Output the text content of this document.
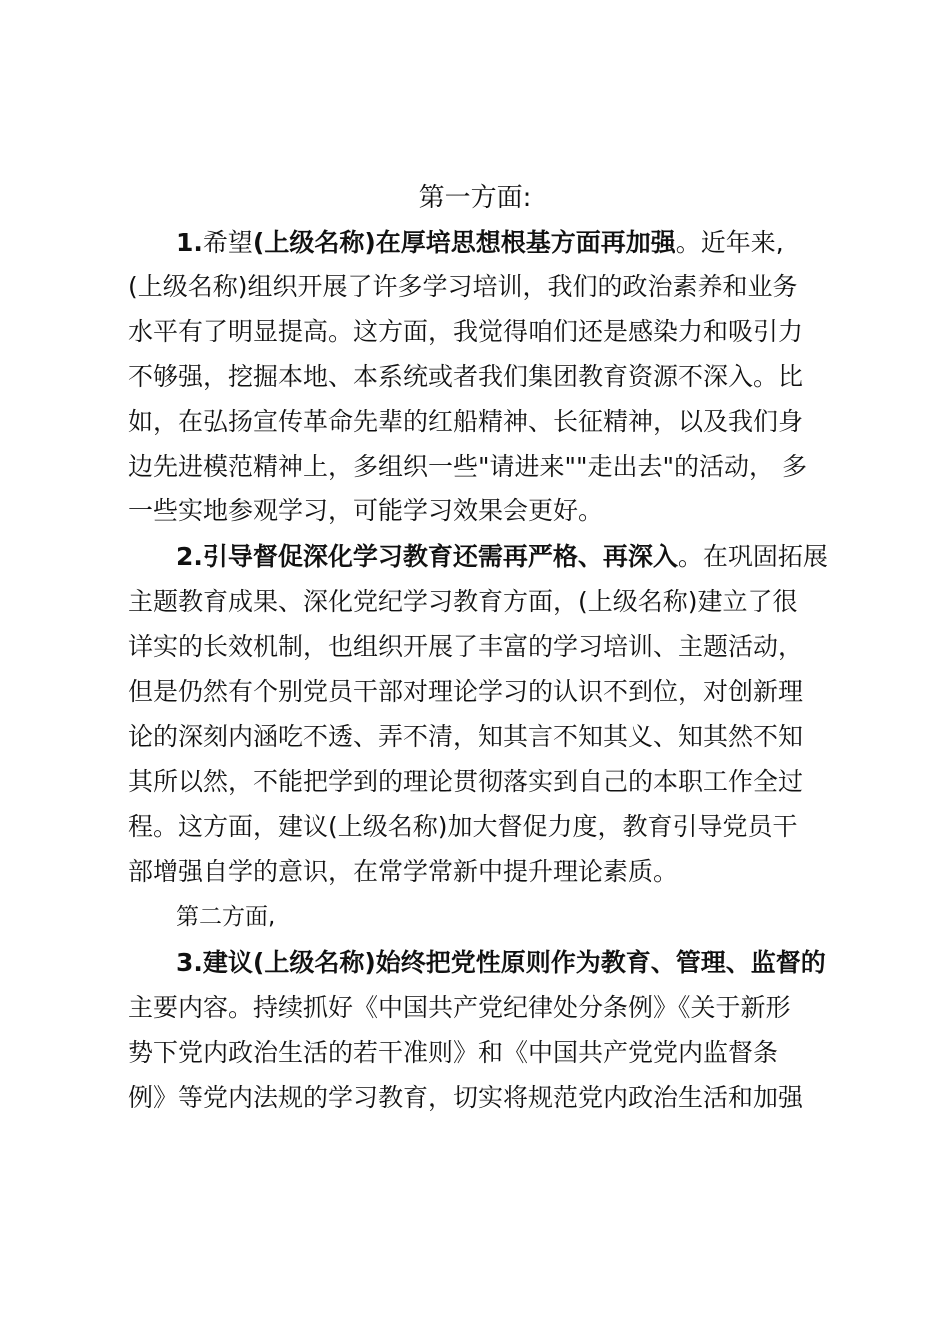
第一方面:
1.希望(上级名称)在厚培思想根基方面再加强。近年来,
(上级名称)组织开展了许多学习培训，我们的政治素养和业务
水平有了明显提高。这方面，我觉得咱们还是感染力和吸引力
不够强，挖掘本地、本系统或者我们集团教育资源不深入。比
如，在弘扬宣传革命先辈的红船精神、长征精神，以及我们身
边先进模范精神上，多组织一些"请进来""走出去"的活动， 多
一些实地参观学习，可能学习效果会更好。
2.引导督促深化学习教育还需再严格、再深入。在巩固拓展
主题教育成果、深化党纪学习教育方面，(上级名称)建立了很
详实的长效机制，也组织开展了丰富的学习培训、主题活动，
但是仍然有个别党员干部对理论学习的认识不到位，对创新理
论的深刻内涵吃不透、弄不清，知其言不知其义、知其然不知
其所以然，不能把学到的理论贯彻落实到自己的本职工作全过
程。这方面，建议(上级名称)加大督促力度，教育引导党员干
部增强自学的意识，在常学常新中提升理论素质。
第二方面,
3.建议(上级名称)始终把党性原则作为教育、管理、监督的
主要内容。持续抓好《中国共产党纪律处分条例》《关于新形
势下党内政治生活的若干准则》和《中国共产党党内监督条
例》等党内法规的学习教育，切实将规范党内政治生活和加强
